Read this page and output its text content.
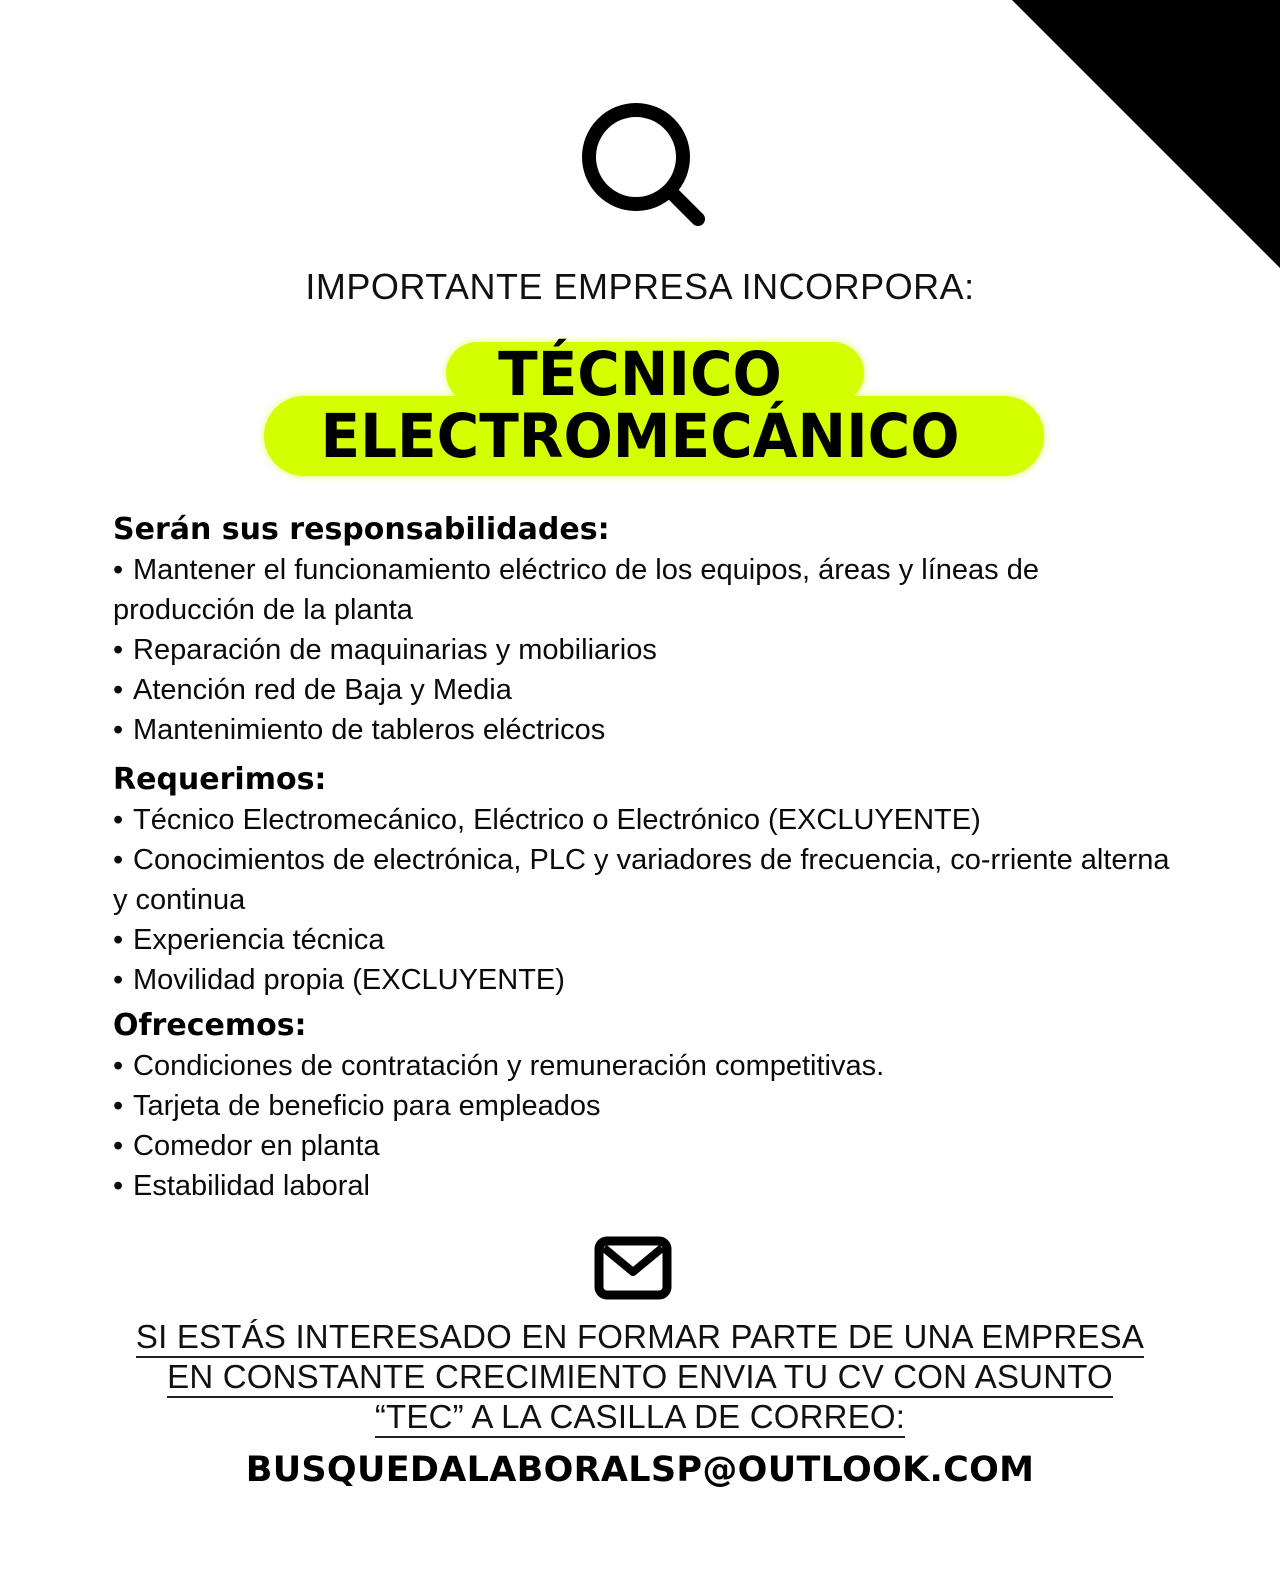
IMPORTANTE EMPRESA INCORPORA:
TÉCNICO
ELECTROMECÁNICO
Serán sus responsabilidades:
• Mantener el funcionamiento eléctrico de los equipos, áreas y líneas de producción de la planta
• Reparación de maquinarias y mobiliarios
• Atención red de Baja y Media
• Mantenimiento de tableros eléctricos
Requerimos:
• Técnico Electromecánico, Eléctrico o Electrónico (EXCLUYENTE)
• Conocimientos de electrónica, PLC y variadores de frecuencia, co-rriente alterna y continua
• Experiencia técnica
• Movilidad propia (EXCLUYENTE)
Ofrecemos:
• Condiciones de contratación y remuneración competitivas.
• Tarjeta de beneficio para empleados
• Comedor en planta
• Estabilidad laboral
SI ESTÁS INTERESADO EN FORMAR PARTE DE UNA EMPRESA
EN CONSTANTE CRECIMIENTO ENVIA TU CV CON ASUNTO
“TEC” A LA CASILLA DE CORREO:
BUSQUEDALABORALSP@OUTLOOK.COM
